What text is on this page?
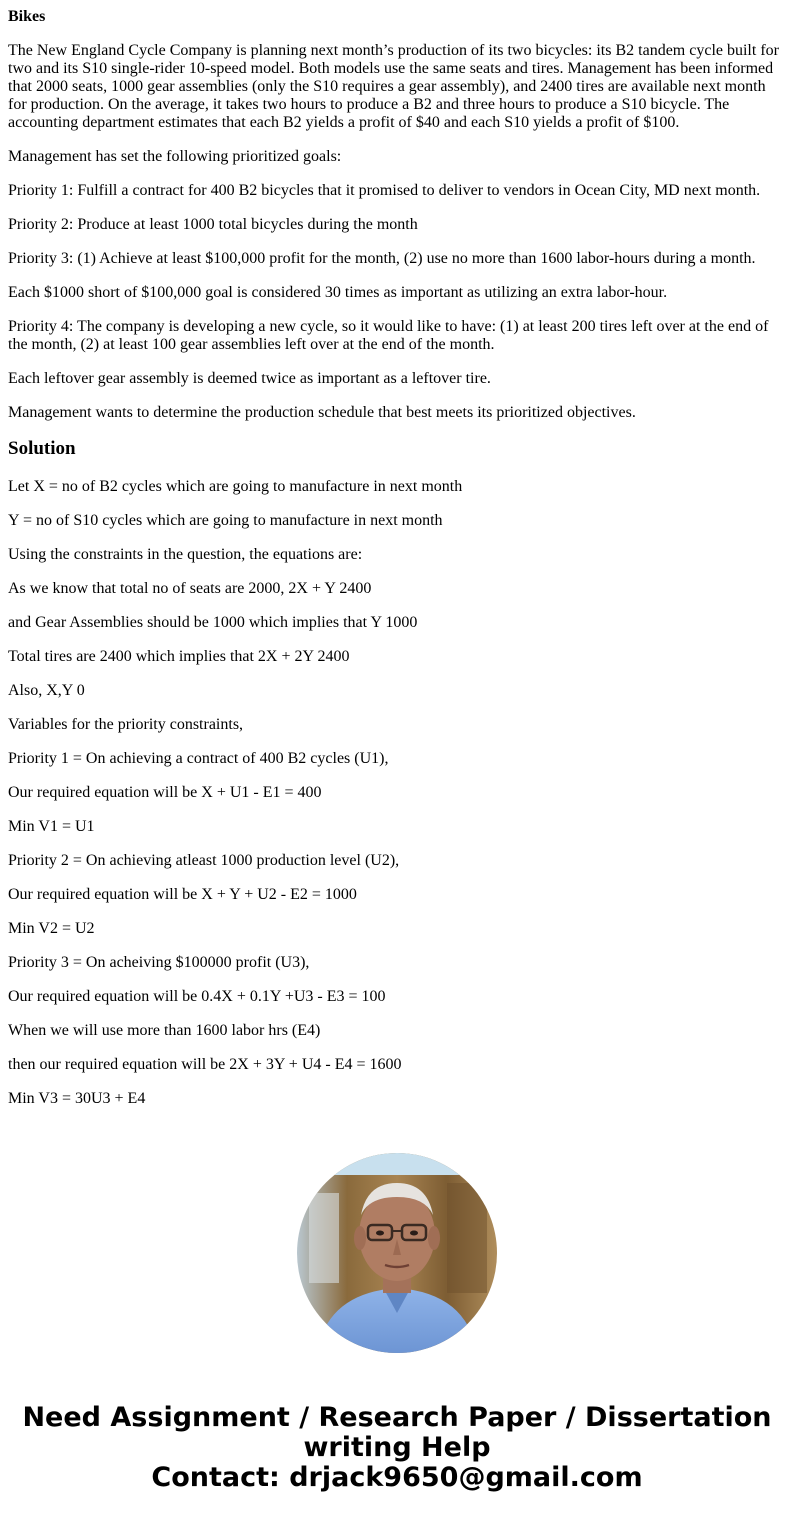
Bikes

The New England Cycle Company is planning next month’s production of its two bicycles: its B2 tandem cycle built for two and its S10 single-rider 10-speed model. Both models use the same seats and tires. Management has been informed that 2000 seats, 1000 gear assemblies (only the S10 requires a gear assembly), and 2400 tires are available next month for production. On the average, it takes two hours to produce a B2 and three hours to produce a S10 bicycle. The accounting department estimates that each B2 yields a profit of $40 and each S10 yields a profit of $100.

Management has set the following prioritized goals:

Priority 1: Fulfill a contract for 400 B2 bicycles that it promised to deliver to vendors in Ocean City, MD next month.

Priority 2: Produce at least 1000 total bicycles during the month

Priority 3: (1) Achieve at least $100,000 profit for the month, (2) use no more than 1600 labor-hours during a month.

Each $1000 short of $100,000 goal is considered 30 times as important as utilizing an extra labor-hour.

Priority 4: The company is developing a new cycle, so it would like to have: (1) at least 200 tires left over at the end of the month, (2) at least 100 gear assemblies left over at the end of the month.

Each leftover gear assembly is deemed twice as important as a leftover tire.

Management wants to determine the production schedule that best meets its prioritized objectives.

Solution

Let X = no of B2 cycles which are going to manufacture in next month

Y = no of S10 cycles which are going to manufacture in next month

Using the constraints in the question, the equations are:

As we know that total no of seats are 2000, 2X + Y 2400

and Gear Assemblies should be 1000 which implies that Y 1000

Total tires are 2400 which implies that 2X + 2Y 2400

Also, X,Y 0

Variables for the priority constraints,

Priority 1 = On achieving a contract of 400 B2 cycles (U1),

Our required equation will be X + U1 - E1 = 400

Min V1 = U1

Priority 2 = On achieving atleast 1000 production level (U2),

Our required equation will be X + Y + U2 - E2 = 1000

Min V2 = U2

Priority 3 = On acheiving $100000 profit (U3),

Our required equation will be 0.4X + 0.1Y +U3 - E3 = 100

When we will use more than 1600 labor hrs (E4)

then our required equation will be 2X + 3Y + U4 - E4 = 1600

Min V3 = 30U3 + E4

Need Assignment / Research Paper / Dissertation
writing Help
Contact: drjack9650@gmail.com
